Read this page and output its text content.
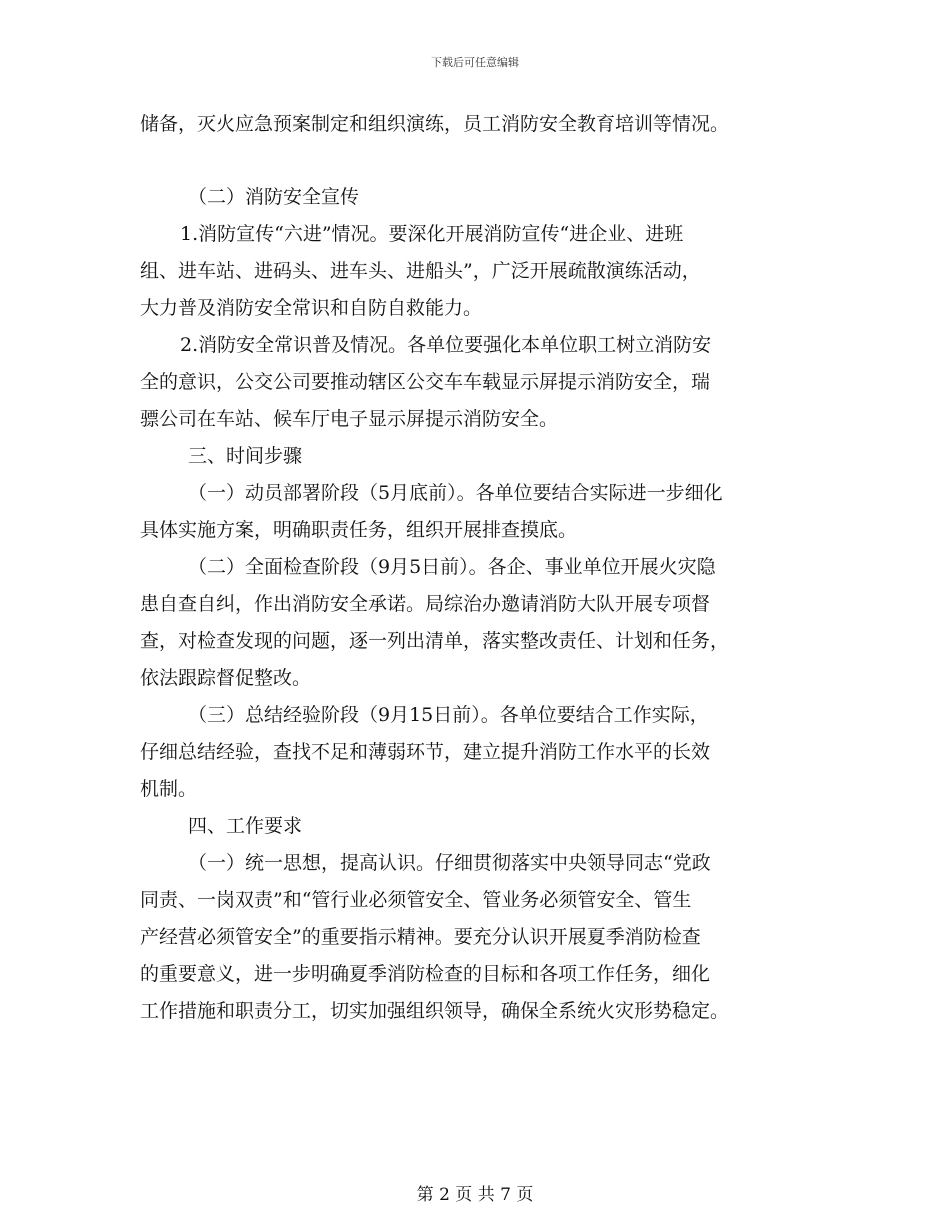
下载后可任意编辑
储备，灭火应急预案制定和组织演练，员工消防安全教育培训等情况。
（二）消防安全宣传
1.消防宣传“六进”情况。要深化开展消防宣传“进企业、进班
组、进车站、进码头、进车头、进船头”，广泛开展疏散演练活动，
大力普及消防安全常识和自防自救能力。
2.消防安全常识普及情况。各单位要强化本单位职工树立消防安
全的意识，公交公司要推动辖区公交车车载显示屏提示消防安全，瑞
骠公司在车站、候车厅电子显示屏提示消防安全。
三、时间步骤
（一）动员部署阶段（5月底前）。各单位要结合实际进一步细化
具体实施方案，明确职责任务，组织开展排查摸底。
（二）全面检查阶段（9月5日前）。各企、事业单位开展火灾隐
患自查自纠，作出消防安全承诺。局综治办邀请消防大队开展专项督
查，对检查发现的问题，逐一列出清单，落实整改责任、计划和任务，
依法跟踪督促整改。
（三）总结经验阶段（9月15日前）。各单位要结合工作实际，
仔细总结经验，查找不足和薄弱环节，建立提升消防工作水平的长效
机制。
四、工作要求
（一）统一思想，提高认识。仔细贯彻落实中央领导同志“党政
同责、一岗双责”和“管行业必须管安全、管业务必须管安全、管生
产经营必须管安全”的重要指示精神。要充分认识开展夏季消防检查
的重要意义，进一步明确夏季消防检查的目标和各项工作任务，细化
工作措施和职责分工，切实加强组织领导，确保全系统火灾形势稳定。
第 2 页 共 7 页
